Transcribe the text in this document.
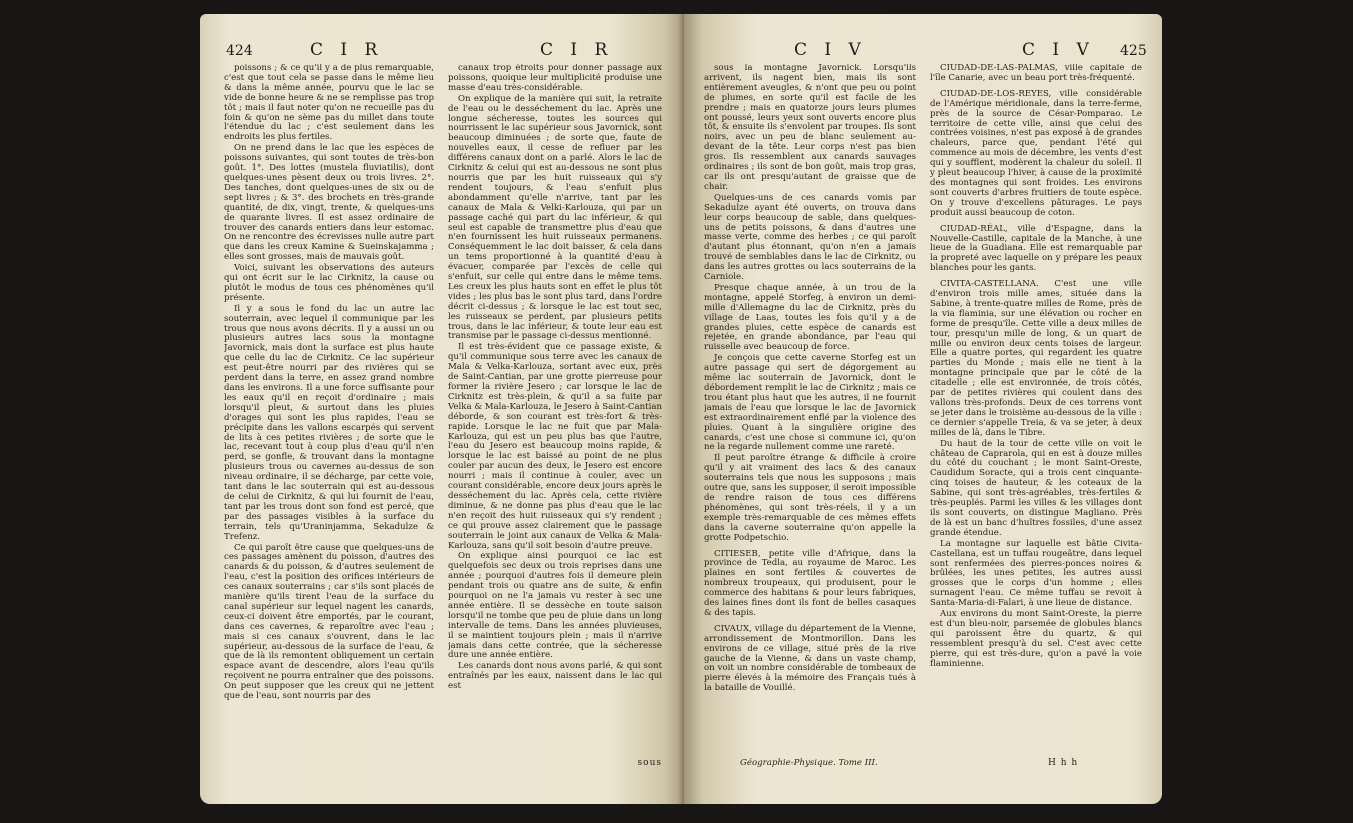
424	C I R	C I R

poissons ; & ce qu'il y a de plus remarquable, c'est que tout cela se passe dans le même lieu & dans la même année, pourvu que le lac se vide de bonne heure & ne se remplisse pas trop tôt ; mais il faut noter qu'on ne recueille pas du foin & qu'on ne sème pas du millet dans toute l'étendue du lac ; c'est seulement dans les endroits les plus fertiles.

On ne prend dans le lac que les espèces de poissons suivantes, qui sont toutes de très-bon goût. 1°. Des lottes (mustela fluviatilis), dont quelques-unes pèsent deux ou trois livres. 2°. Des tanches, dont quelques-unes de six ou de sept livres ; & 3°. des brochets en très-grande quantité, de dix, vingt, trente, & quelques-uns de quarante livres. Il est assez ordinaire de trouver des canards entiers dans leur estomac. On ne rencontre des écrevisses nulle autre part que dans les creux Kamine & Sueinskajamma ; elles sont grosses, mais de mauvais goût.

Voici, suivant les observations des auteurs qui ont écrit sur le lac Cirknitz, la cause ou plutôt le modus de tous ces phénomènes qu'il présente.

Il y a sous le fond du lac un autre lac souterrain, avec lequel il communique par les trous que nous avons décrits. Il y a aussi un ou plusieurs autres lacs sous la montagne Javornick, mais dont la surface est plus haute que celle du lac de Cirknitz. Ce lac supérieur est peut-être nourri par des rivières qui se perdent dans la terre, en assez grand nombre dans les environs. Il a une force suffisante pour les eaux qu'il en reçoit d'ordinaire ; mais lorsqu'il pleut, & surtout dans les pluies d'orages qui sont les plus rapides, l'eau se précipite dans les vallons escarpés qui servent de lits à ces petites rivières ; de sorte que le lac, recevant tout à coup plus d'eau qu'il n'en perd, se gonfle, & trouvant dans la montagne plusieurs trous ou cavernes au-dessus de son niveau ordinaire, il se décharge, par cette voie, tant dans le lac souterrain qui est au-dessous de celui de Cirknitz, & qui lui fournit de l'eau, tant par les trous dont son fond est percé, que par des passages visibles à la surface du terrain, tels qu'Uraninjamma, Sekadulze & Trefenz.

Ce qui paroît être cause que quelques-uns de ces passages amènent du poisson, d'autres des canards & du poisson, & d'autres seulement de l'eau, c'est la position des orifices intérieurs de ces canaux souterrains ; car s'ils sont placés de manière qu'ils tirent l'eau de la surface du canal supérieur sur lequel nagent les canards, ceux-ci doivent être emportés, par le courant, dans ces cavernes, & reparoître avec l'eau ; mais si ces canaux s'ouvrent, dans le lac supérieur, au-dessous de la surface de l'eau, & que de là ils remontent obliquement un certain espace avant de descendre, alors l'eau qu'ils reçoivent ne pourra entraîner que des poissons. On peut supposer que les creux qui ne jettent que de l'eau, sont nourris par des

canaux trop étroits pour donner passage aux poissons, quoique leur multiplicité produise une masse d'eau très-considérable.

On explique de la manière qui suit, la retraite de l'eau ou le desséchement du lac. Après une longue sécheresse, toutes les sources qui nourrissent le lac supérieur sous Javornick, sont beaucoup diminuées ; de sorte que, faute de nouvelles eaux, il cesse de refluer par les différens canaux dont on a parlé. Alors le lac de Cirknitz & celui qui est au-dessous ne sont plus nourris que par les huit ruisseaux qui s'y rendent toujours, & l'eau s'enfuit plus abondamment qu'elle n'arrive, tant par les canaux de Mala & Velki-Karlouza, qui par un passage caché qui part du lac inférieur, & qui seul est capable de transmettre plus d'eau que n'en fournissent les huit ruisseaux permanens. Conséquemment le lac doit baisser, & cela dans un tems proportionné à la quantité d'eau à évacuer, comparée par l'excès de celle qui s'enfuit, sur celle qui entre dans le même tems. Les creux les plus hauts sont en effet le plus tôt vides ; les plus bas le sont plus tard, dans l'ordre décrit ci-dessus ; & lorsque le lac est tout sec, les ruisseaux se perdent, par plusieurs petits trous, dans le lac inférieur, & toute leur eau est transmise par le passage ci-dessus mentionné.

Il est très-évident que ce passage existe, & qu'il communique sous terre avec les canaux de Mala & Velka-Karlouza, sortant avec eux, près de Saint-Cantian, par une grotte pierreuse pour former la rivière Jesero ; car lorsque le lac de Cirknitz est très-plein, & qu'il a sa fuite par Velka & Mala-Karlouza, le Jesero à Saint-Cantian déborde, & son courant est très-fort & très-rapide. Lorsque le lac ne fuit que par Mala-Karlouza, qui est un peu plus bas que l'autre, l'eau du Jesero est beaucoup moins rapide, & lorsque le lac est baissé au point de ne plus couler par aucun des deux, le Jesero est encore nourri ; mais il continue à couler, avec un courant considérable, encore deux jours après le desséchement du lac. Après cela, cette rivière diminue, & ne donne pas plus d'eau que le lac n'en reçoit des huit ruisseaux qui s'y rendent ; ce qui prouve assez clairement que le passage souterrain le joint aux canaux de Velka & Mala-Karlouza, sans qu'il soit besoin d'autre preuve.

On explique ainsi pourquoi ce lac est quelquefois sec deux ou trois reprises dans une année ; pourquoi d'autres fois il demeure plein pendant trois ou quatre ans de suite, & enfin pourquoi on ne l'a jamais vu rester à sec une année entière. Il se dessèche en toute saison lorsqu'il ne tombe que peu de pluie dans un long intervalle de tems. Dans les années pluvieuses, il se maintient toujours plein ; mais il n'arrive jamais dans cette contrée, que la sécheresse dure une année entière.

Les canards dont nous avons parlé, & qui sont entraînés par les eaux, naissent dans le lac qui est

sous
C I V	C I V 425

sous la montagne Javornick. Lorsqu'ils arrivent, ils nagent bien, mais ils sont entièrement aveugles, & n'ont que peu ou point de plumes, en sorte qu'il est facile de les prendre ; mais en quatorze jours leurs plumes ont poussé, leurs yeux sont ouverts encore plus tôt, & ensuite ils s'envolent par troupes. Ils sont noirs, avec un peu de blanc seulement au-devant de la tête. Leur corps n'est pas bien gros. Ils ressemblent aux canards sauvages ordinaires ; ils sont de bon goût, mais trop gras, car ils ont presqu'autant de graisse que de chair.

Quelques-uns de ces canards vomis par Sekadulze ayant été ouverts, on trouva dans leur corps beaucoup de sable, dans quelques-uns de petits poissons, & dans d'autres une masse verte, comme des herbes ; ce qui paroît d'autant plus étonnant, qu'on n'en a jamais trouvé de semblables dans le lac de Cirknitz, ou dans les autres grottes ou lacs souterrains de la Carniole.

Presque chaque année, à un trou de la montagne, appelé Storfeg, à environ un demi-mille d'Allemagne du lac de Cirknitz, près du village de Laas, toutes les fois qu'il y a de grandes pluies, cette espèce de canards est rejetée, en grande abondance, par l'eau qui ruisselle avec beaucoup de force.

Je conçois que cette caverne Storfeg est un autre passage qui sert de dégorgement au même lac souterrain de Javornick, dont le débordement remplit le lac de Cirknitz ; mais ce trou étant plus haut que les autres, il ne fournit jamais de l'eau que lorsque le lac de Javornick est extraordinairement enflé par la violence des pluies. Quant à la singulière origine des canards, c'est une chose si commune ici, qu'on ne la regarde nullement comme une rareté.

Il peut paroître étrange & difficile à croire qu'il y ait vraiment des lacs & des canaux souterrains tels que nous les supposons ; mais outre que, sans les supposer, il seroit impossible de rendre raison de tous ces différens phénomènes, qui sont très-réels, il y a un exemple très-remarquable de ces mêmes effets dans la caverne souterraine qu'on appelle la grotte Podpetschio.

CITIESEB, petite ville d'Afrique, dans la province de Tedla, au royaume de Maroc. Les plaines en sont fertiles & couvertes de nombreux troupeaux, qui produisent, pour le commerce des habitans & pour leurs fabriques, des laines fines dont ils font de belles casaques & des tapis.

CIVAUX, village du département de la Vienne, arrondissement de Montmorillon. Dans les environs de ce village, situé près de la rive gauche de la Vienne, & dans un vaste champ, on voit un nombre considérable de tombeaux de pierre élevés à la mémoire des Français tués à la bataille de Vouillé.

CIUDAD-DE-LAS-PALMAS, ville capitale de l'île Canarie, avec un beau port très-fréquenté.

CIUDAD-DE-LOS-REYES, ville considérable de l'Amérique méridionale, dans la terre-ferme, près de la source de César-Pomparao. Le territoire de cette ville, ainsi que celui des contrées voisines, n'est pas exposé à de grandes chaleurs, parce que, pendant l'été qui commence au mois de décembre, les vents d'est qui y soufflent, modèrent la chaleur du soleil. Il y pleut beaucoup l'hiver, à cause de la proximité des montagnes qui sont froides. Les environs sont couverts d'arbres fruitiers de toute espèce. On y trouve d'excellens pâturages. Le pays produit aussi beaucoup de coton.

CIUDAD-RÉAL, ville d'Espagne, dans la Nouvelle-Castille, capitale de la Manche, à une lieue de la Guadiana. Elle est remarquable par la propreté avec laquelle on y prépare les peaux blanches pour les gants.

CIVITA-CASTELLANA. C'est une ville d'environ trois mille ames, située dans la Sabine, à trente-quatre milles de Rome, près de la via flaminia, sur une élévation ou rocher en forme de presqu'île. Cette ville a deux milles de tour, presqu'un mille de long, & un quart de mille ou environ deux cents toises de largeur. Elle a quatre portes, qui regardent les quatre parties du Monde ; mais elle ne tient à la montagne principale que par le côté de la citadelle ; elle est environnée, de trois côtés, par de petites rivières qui coulent dans des vallons très-profonds. Deux de ces torrens vont se jeter dans le troisième au-dessous de la ville : ce dernier s'appelle Treia, & va se jeter, à deux milles de là, dans le Tibre.

Du haut de la tour de cette ville on voit le château de Caprarola, qui en est à douze milles du côté du couchant ; le mont Saint-Oreste, Caudidum Soracte, qui a trois cent cinquante-cinq toises de hauteur, & les coteaux de la Sabine, qui sont très-agréables, très-fertiles & très-peuplés. Parmi les villes & les villages dont ils sont couverts, on distingue Magliano. Près de là est un banc d'huîtres fossiles, d'une assez grande étendue.

La montagne sur laquelle est bâtie Civita-Castellana, est un tuffau rougeâtre, dans lequel sont renfermées des pierres-ponces noires & brûlées, les unes petites, les autres aussi grosses que le corps d'un homme ; elles surnagent l'eau. Ce même tuffau se revoit à Santa-Maria-di-Falari, à une lieue de distance.

Aux environs du mont Saint-Oreste, la pierre est d'un bleu-noir, parsemée de globules blancs qui paroissent être du quartz, & qui ressemblent presqu'à du sel. C'est avec cette pierre, qui est très-dure, qu'on a pavé la voie flaminienne.

Géographie-Physique. Tome III.	H h h
